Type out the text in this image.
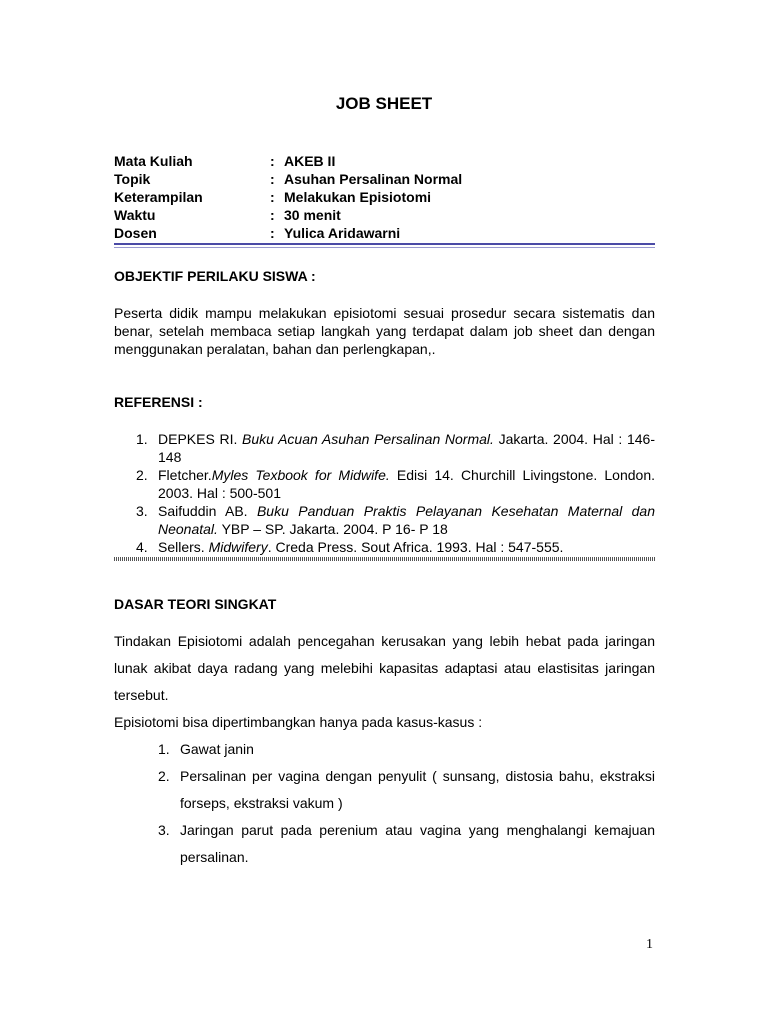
JOB SHEET
Mata Kuliah	: AKEB II
Topik	: Asuhan Persalinan Normal
Keterampilan	: Melakukan Episiotomi
Waktu	: 30 menit
Dosen	: Yulica Aridawarni
OBJEKTIF PERILAKU SISWA :
Peserta didik mampu melakukan episiotomi sesuai prosedur secara sistematis dan benar, setelah membaca setiap langkah yang terdapat dalam job sheet dan dengan menggunakan peralatan, bahan dan perlengkapan,.
REFERENSI :
1. DEPKES RI. Buku Acuan Asuhan Persalinan Normal. Jakarta. 2004. Hal : 146-148
2. Fletcher.Myles Texbook for Midwife. Edisi 14. Churchill Livingstone. London. 2003. Hal : 500-501
3. Saifuddin AB. Buku Panduan Praktis Pelayanan Kesehatan Maternal dan Neonatal. YBP – SP. Jakarta. 2004. P 16- P 18
4. Sellers. Midwifery. Creda Press. Sout Africa. 1993. Hal : 547-555.
DASAR TEORI SINGKAT
Tindakan Episiotomi adalah pencegahan kerusakan yang lebih hebat pada jaringan lunak akibat daya radang yang melebihi kapasitas adaptasi atau elastisitas jaringan tersebut.
Episiotomi bisa dipertimbangkan hanya pada kasus-kasus :
1. Gawat janin
2. Persalinan per vagina dengan penyulit ( sunsang, distosia bahu, ekstraksi forseps, ekstraksi vakum )
3. Jaringan parut pada perenium atau vagina yang menghalangi kemajuan persalinan.
1
